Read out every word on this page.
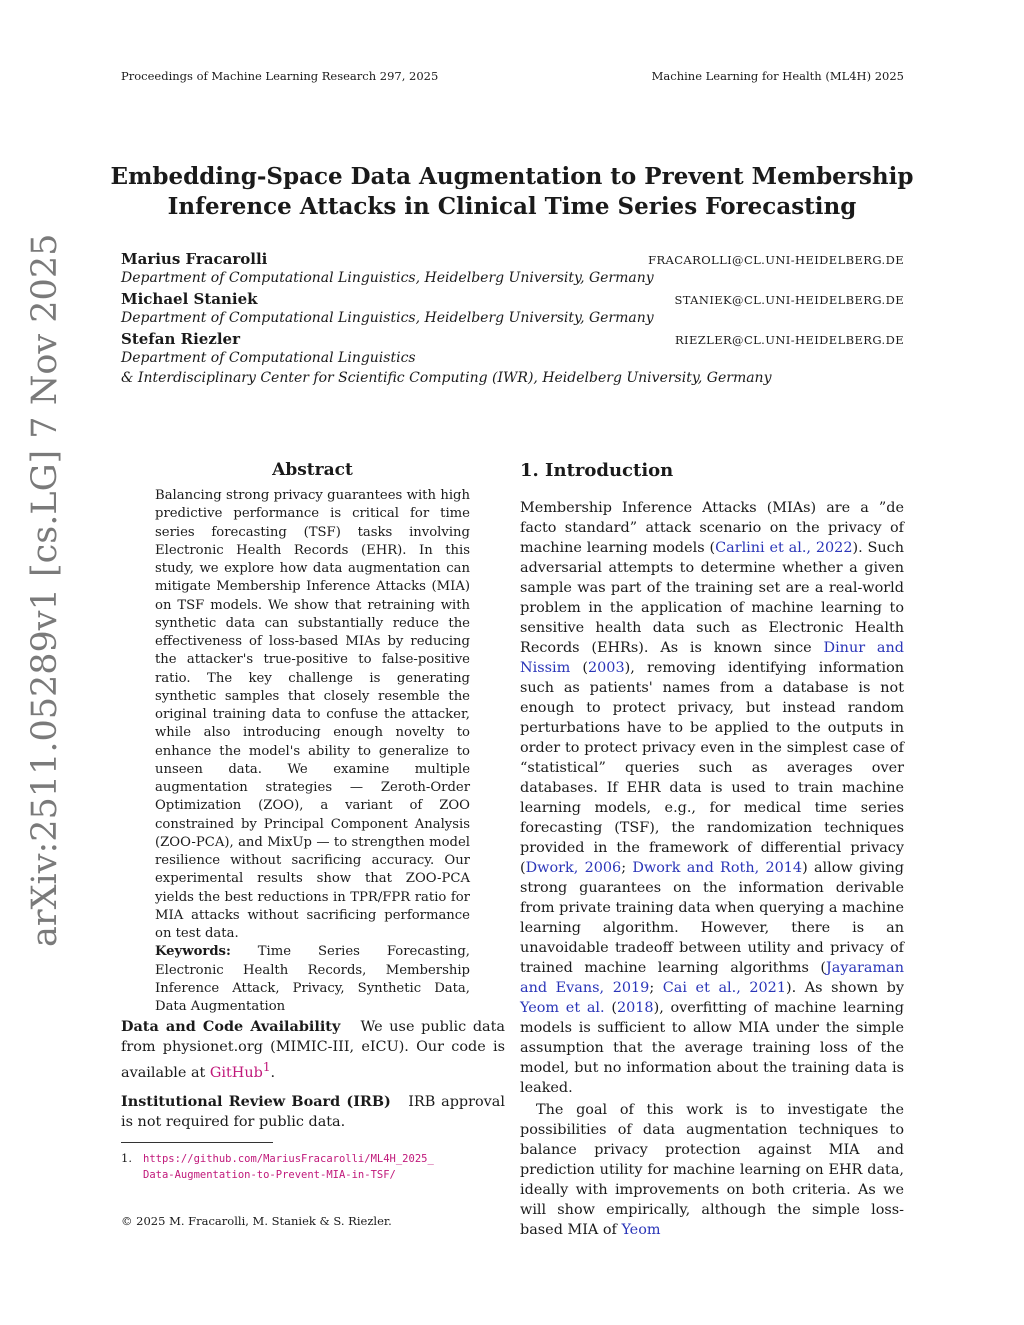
Proceedings of Machine Learning Research 297, 2025	Machine Learning for Health (ML4H) 2025
Embedding-Space Data Augmentation to Prevent Membership
Inference Attacks in Clinical Time Series Forecasting
Marius Fracarolli	FRACAROLLI@CL.UNI-HEIDELBERG.DE
Department of Computational Linguistics, Heidelberg University, Germany
Michael Staniek	STANIEK@CL.UNI-HEIDELBERG.DE
Department of Computational Linguistics, Heidelberg University, Germany
Stefan Riezler	RIEZLER@CL.UNI-HEIDELBERG.DE
Department of Computational Linguistics
& Interdisciplinary Center for Scientific Computing (IWR), Heidelberg University, Germany
arXiv:2511.05289v1 [cs.LG] 7 Nov 2025	Abstract
Balancing strong privacy guarantees with high predictive performance is critical for time series forecasting (TSF) tasks involving Electronic Health Records (EHR). In this study, we explore how data augmentation can mitigate Membership Inference Attacks (MIA) on TSF models. We show that retraining with synthetic data can substantially reduce the effectiveness of loss-based MIAs by reducing the attacker's true-positive to false-positive ratio. The key challenge is generating synthetic samples that closely resemble the original training data to confuse the attacker, while also introducing enough novelty to enhance the model's ability to generalize to unseen data. We examine multiple augmentation strategies — Zeroth-Order Optimization (ZOO), a variant of ZOO constrained by Principal Component Analysis (ZOO-PCA), and MixUp — to strengthen model resilience without sacrificing accuracy. Our experimental results show that ZOO-PCA yields the best reductions in TPR/FPR ratio for MIA attacks without sacrificing performance on test data.
Keywords: Time Series Forecasting, Electronic Health Records, Membership Inference Attack, Privacy, Synthetic Data, Data Augmentation
Data and Code Availability We use public data from physionet.org (MIMIC-III, eICU). Our code is available at GitHub$^1$.
Institutional Review Board (IRB) IRB approval is not required for public data.
1. https://github.com/MariusFracarolli/ML4H_2025_
Data-Augmentation-to-Prevent-MIA-in-TSF/
© 2025 M. Fracarolli, M. Staniek & S. Riezler.
1. Introduction

Membership Inference Attacks (MIAs) are a ”de facto standard” attack scenario on the privacy of machine learning models (Carlini et al., 2022). Such adversarial attempts to determine whether a given sample was part of the training set are a real-world problem in the application of machine learning to sensitive health data such as Electronic Health Records (EHRs). As is known since Dinur and Nissim (2003), removing identifying information such as patients' names from a database is not enough to protect privacy, but instead random perturbations have to be applied to the outputs in order to protect privacy even in the simplest case of “statistical” queries such as averages over databases. If EHR data is used to train machine learning models, e.g., for medical time series forecasting (TSF), the randomization techniques provided in the framework of differential privacy (Dwork, 2006; Dwork and Roth, 2014) allow giving strong guarantees on the information derivable from private training data when querying a machine learning algorithm. However, there is an unavoidable tradeoff between utility and privacy of trained machine learning algorithms (Jayaraman and Evans, 2019; Cai et al., 2021). As shown by Yeom et al. (2018), overfitting of machine learning models is sufficient to allow MIA under the simple assumption that the average training loss of the model, but no information about the training data is leaked.

The goal of this work is to investigate the possibilities of data augmentation techniques to balance privacy protection against MIA and prediction utility for machine learning on EHR data, ideally with improvements on both criteria. As we will show empirically, although the simple loss-based MIA of Yeom
